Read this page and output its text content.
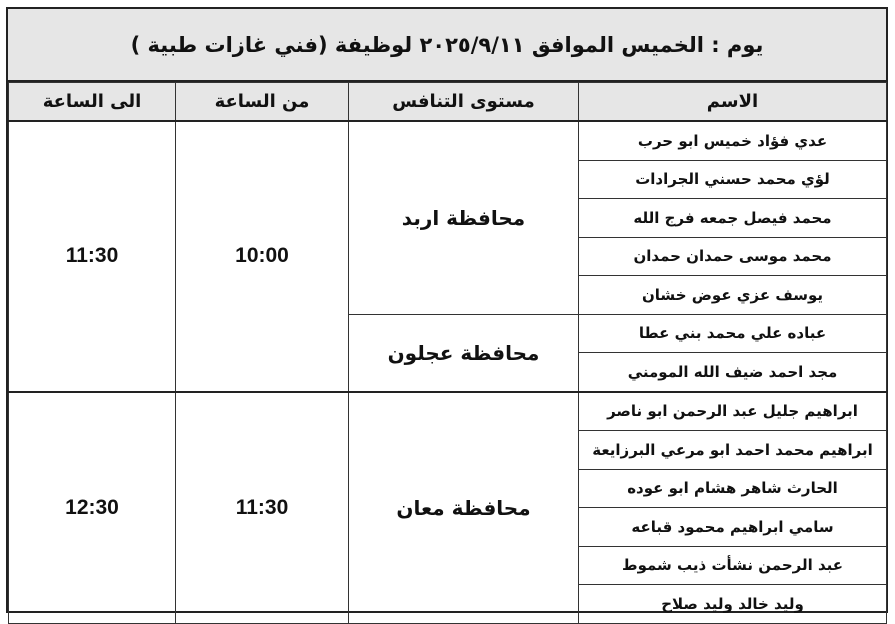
يوم : الخميس الموافق ٢٠٢٥/٩/١١ لوظيفة (فني غازات طبية )
الاسم	مستوى التنافس	من الساعة	الى الساعة
عدي فؤاد خميس ابو حرب	محافظة اربد	10:00	11:30
لؤي محمد حسني الجرادات			
محمد فيصل جمعه فرج الله			
محمد موسى حمدان حمدان			
يوسف عزي عوض خشان			
عباده علي محمد بني عطا	محافظة عجلون		
مجد احمد ضيف الله المومني			
ابراهيم جليل عبد الرحمن ابو ناصر	محافظة معان	11:30	12:30
ابراهيم محمد احمد ابو مرعي البرزايعة			
الحارث شاهر هشام ابو عوده			
سامي ابراهيم محمود قباعه			
عبد الرحمن نشأت ذيب شموط			
وليد خالد وليد صلاح			
